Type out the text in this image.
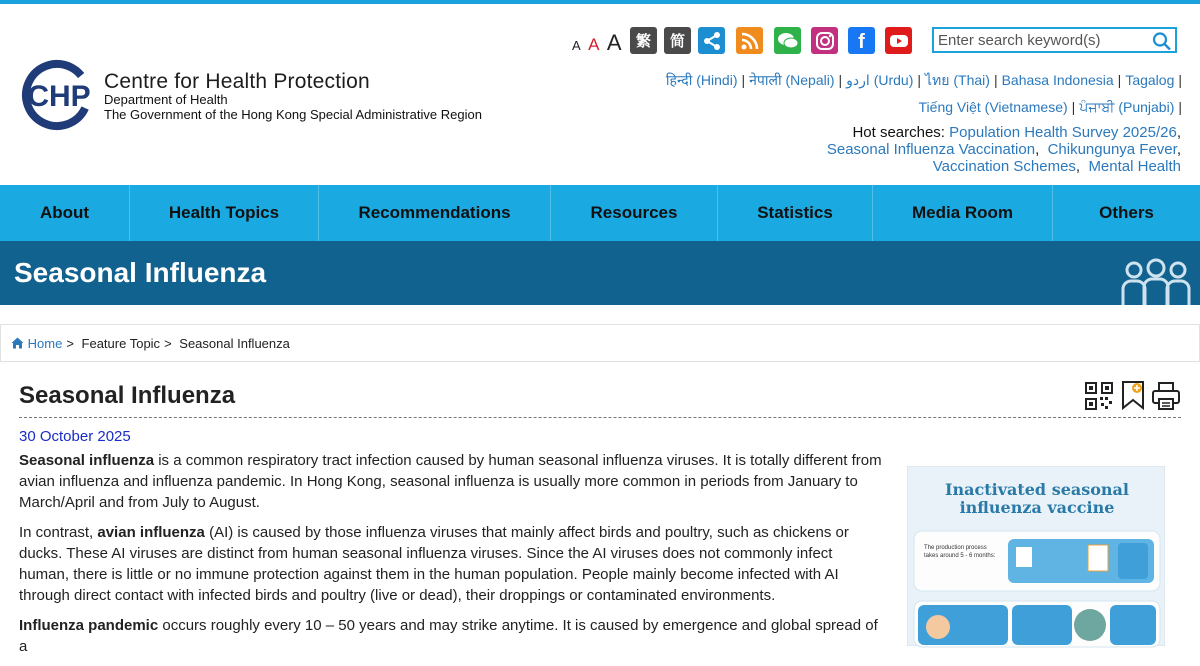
CHP Centre for Health Protection
Department of Health
The Government of the Hong Kong Special Administrative Region
A A A 繁 简	f
Enter search keyword(s)
हिन्दी (Hindi) | नेपाली (Nepali) | اردو (Urdu) | ไทย (Thai) | Bahasa Indonesia | Tagalog |
Tiếng Việt (Vietnamese) | ਪੰਜਾਬੀ (Punjabi) |
Hot searches: Population Health Survey 2025/26,
Seasonal Influenza Vaccination,  Chikungunya Fever,
Vaccination Schemes,  Mental Health
About	Health Topics	Recommendations	Resources	Statistics	Media Room	Others
Seasonal Influenza
Home > Feature Topic > Seasonal Influenza
Seasonal Influenza
30 October 2025

Seasonal influenza is a common respiratory tract infection caused by human seasonal influenza viruses. It is totally different from avian influenza and influenza pandemic. In Hong Kong, seasonal influenza is usually more common in periods from January to March/April and from July to August.

In contrast, avian influenza (AI) is caused by those influenza viruses that mainly affect birds and poultry, such as chickens or ducks. These AI viruses are distinct from human seasonal influenza viruses. Since the AI viruses does not commonly infect human, there is little or no immune protection against them in the human population. People mainly become infected with AI through direct contact with infected birds and poultry (live or dead), their droppings or contaminated environments.

Influenza pandemic occurs roughly every 10 – 50 years and may strike anytime. It is caused by emergence and global spread of a

Inactivated seasonal
influenza vaccine
The production process
takes around 5 - 6 months:
